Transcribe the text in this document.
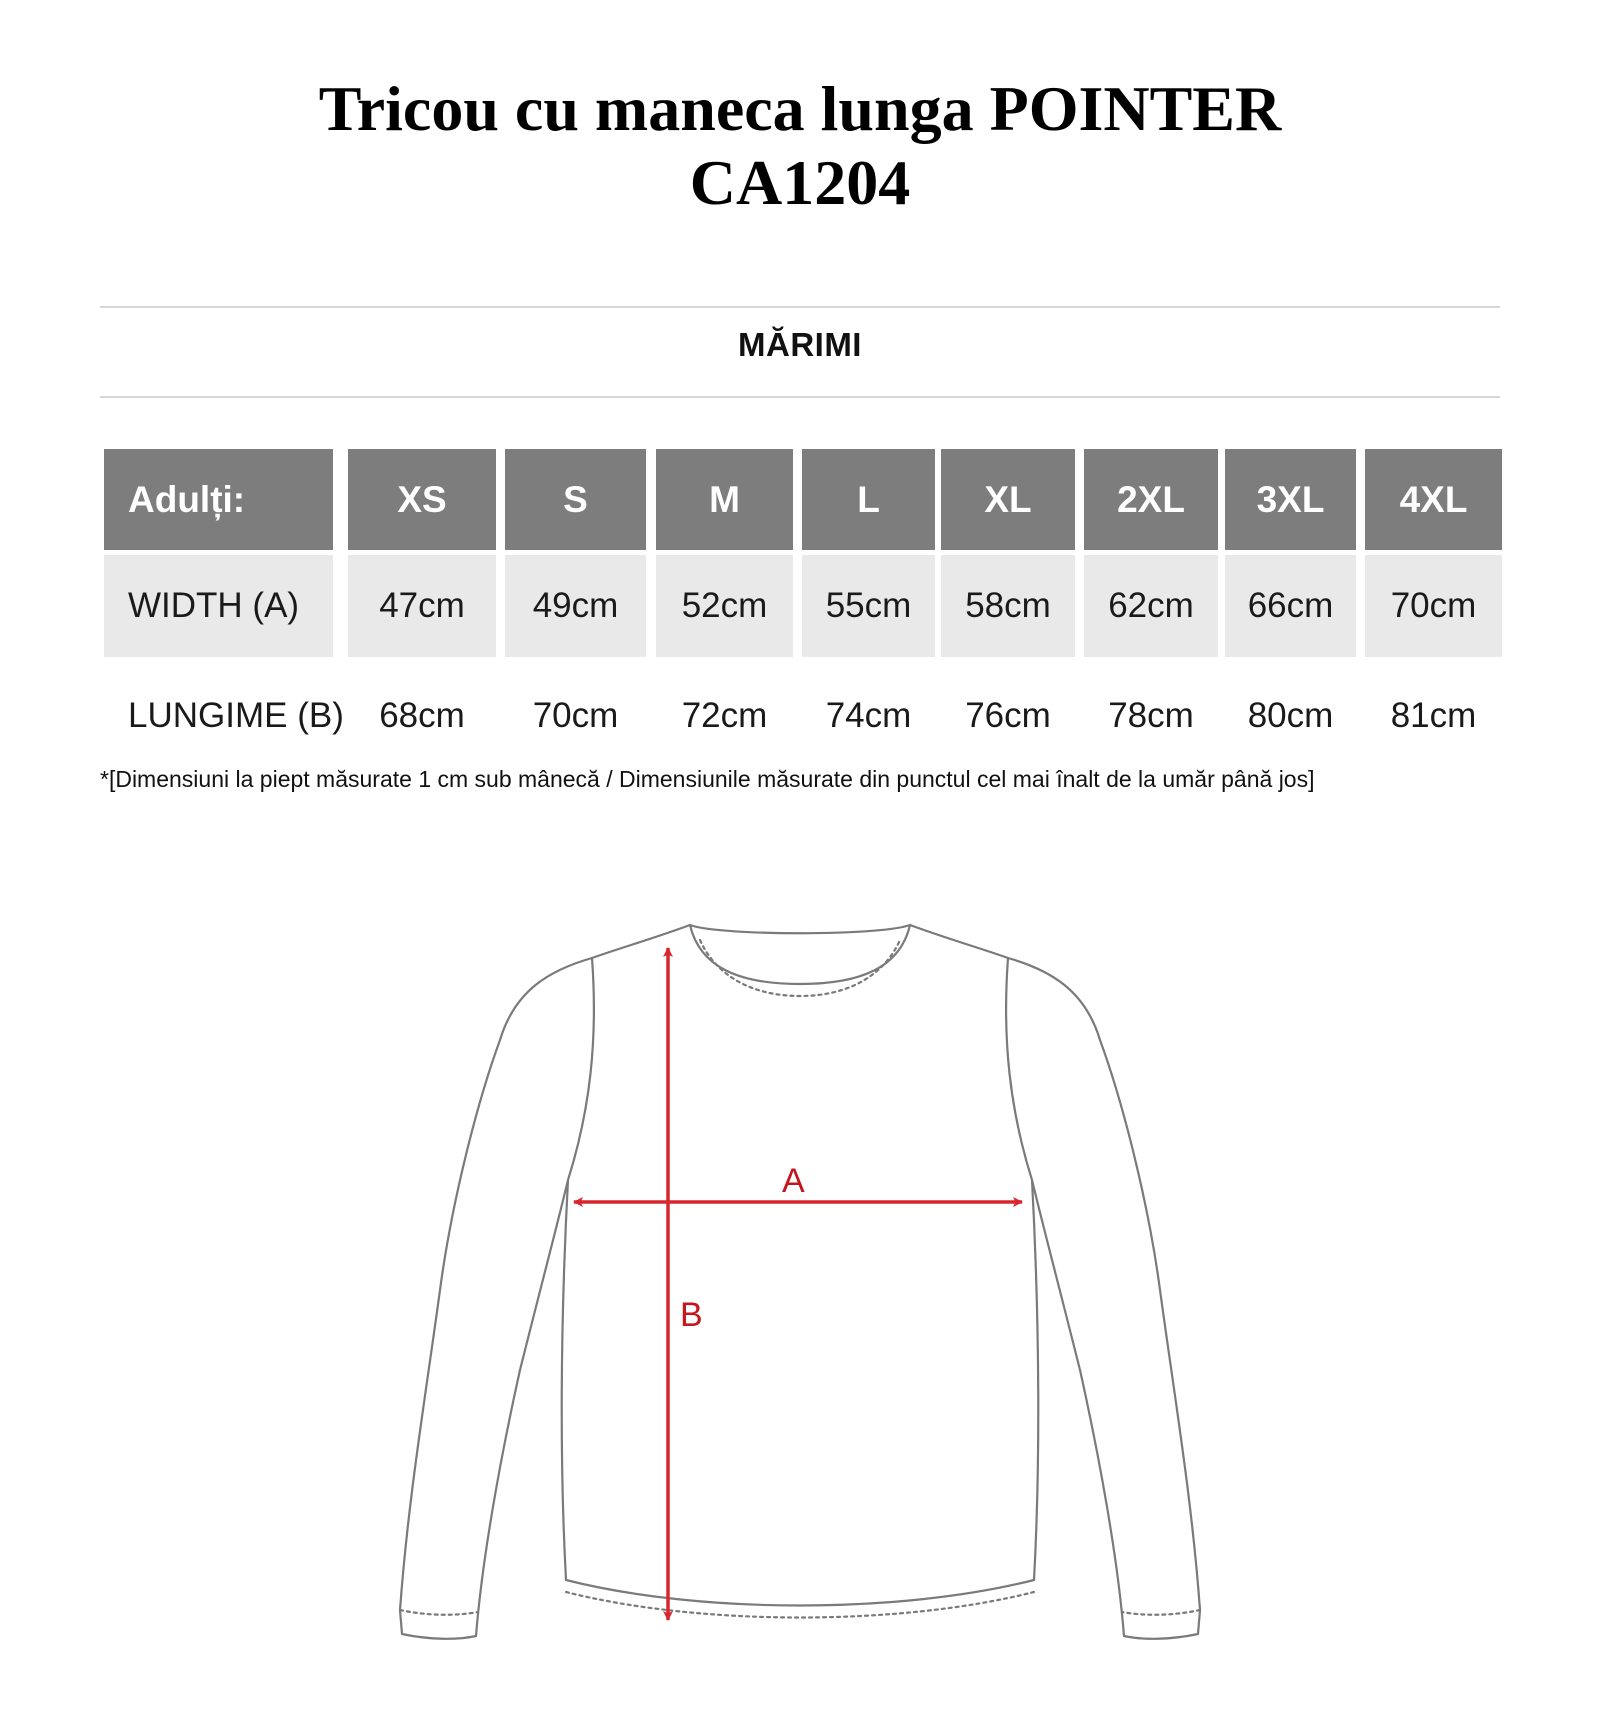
Tricou cu maneca lunga POINTER
CA1204
MĂRIMI
Adulți:	XS	S	M	L	XL	2XL	3XL	4XL
WIDTH (A)	47cm	49cm	52cm	55cm	58cm	62cm	66cm	70cm
LUNGIME (B)	68cm	70cm	72cm	74cm	76cm	78cm	80cm	81cm
*[Dimensiuni la piept măsurate 1 cm sub mânecă / Dimensiunile măsurate din punctul cel mai înalt de la umăr până jos]
A
B
